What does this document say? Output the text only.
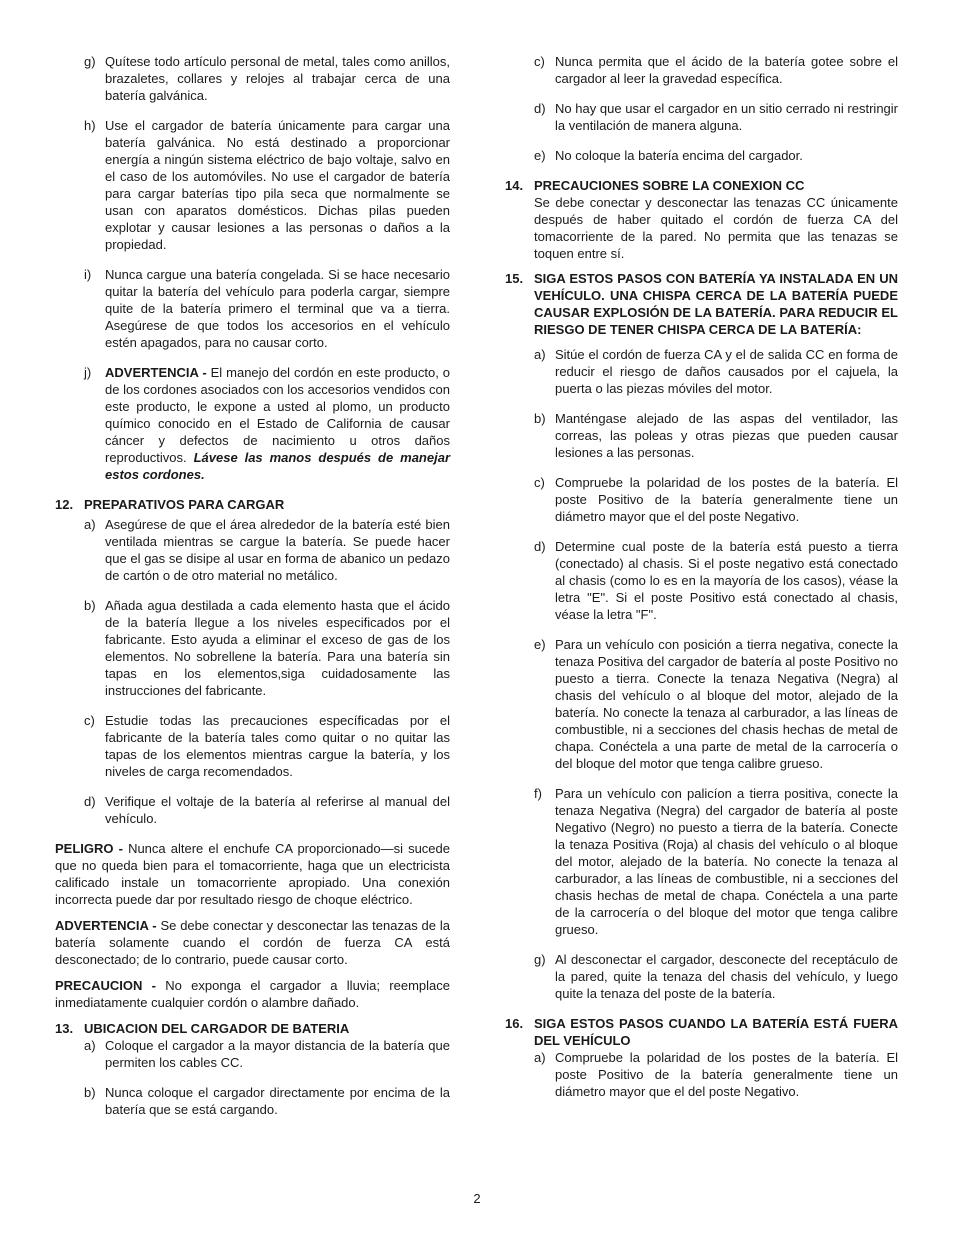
g) Quítese todo artículo personal de metal, tales como anillos, brazaletes, collares y relojes al trabajar cerca de una batería galvánica.
h) Use el cargador de batería únicamente para cargar una batería galvánica. No está destinado a proporcionar energía a ningún sistema eléctrico de bajo voltaje, salvo en el caso de los automóviles. No use el cargador de batería para cargar baterías tipo pila seca que normalmente se usan con aparatos domésticos. Dichas pilas pueden explotar y causar lesiones a las personas o daños a la propiedad.
i) Nunca cargue una batería congelada. Si se hace necesario quitar la batería del vehículo para poderla cargar, siempre quite de la batería primero el terminal que va a tierra. Asegúrese de que todos los accesorios en el vehículo estén apagados, para no causar corto.
j) ADVERTENCIA - El manejo del cordón en este producto, o de los cordones asociados con los accesorios vendidos con este producto, le expone a usted al plomo, un producto químico conocido en el Estado de California de causar cáncer y defectos de nacimiento u otros daños reproductivos. Lávese las manos después de manejar estos cordones.
12. PREPARATIVOS PARA CARGAR
a) Asegúrese de que el área alrededor de la batería esté bien ventilada mientras se cargue la batería. Se puede hacer que el gas se disipe al usar en forma de abanico un pedazo de cartón o de otro material no metálico.
b) Añada agua destilada a cada elemento hasta que el ácido de la batería llegue a los niveles especificados por el fabricante. Esto ayuda a eliminar el exceso de gas de los elementos. No sobrellene la batería. Para una batería sin tapas en los elementos,siga cuidadosamente las instrucciones del fabricante.
c) Estudie todas las precauciones específicadas por el fabricante de la batería tales como quitar o no quitar las tapas de los elementos mientras cargue la batería, y los niveles de carga recomendados.
d) Verifique el voltaje de la batería al referirse al manual del vehículo.
PELIGRO - Nunca altere el enchufe CA proporcionado—si sucede que no queda bien para el tomacorriente, haga que un electricista calificado instale un tomacorriente apropiado. Una conexión incorrecta puede dar por resultado riesgo de choque eléctrico.
ADVERTENCIA - Se debe conectar y desconectar las tenazas de la batería solamente cuando el cordón de fuerza CA está desconectado; de lo contrario, puede causar corto.
PRECAUCION - No exponga el cargador a lluvia; reemplace inmediatamente cualquier cordón o alambre dañado.
13. UBICACION DEL CARGADOR DE BATERIA
a) Coloque el cargador a la mayor distancia de la batería que permiten los cables CC.
b) Nunca coloque el cargador directamente por encima de la batería que se está cargando.
c) Nunca permita que el ácido de la batería gotee sobre el cargador al leer la gravedad específica.
d) No hay que usar el cargador en un sitio cerrado ni restringir la ventilación de manera alguna.
e) No coloque la batería encima del cargador.
14. PRECAUCIONES SOBRE LA CONEXION CC
Se debe conectar y desconectar las tenazas CC únicamente después de haber quitado el cordón de fuerza CA del tomacorriente de la pared. No permita que las tenazas se toquen entre sí.
15. SIGA ESTOS PASOS CON BATERÍA YA INSTALADA EN UN VEHÍCULO. UNA CHISPA CERCA DE LA BATERÍA PUEDE CAUSAR EXPLOSIÓN DE LA BATERÍA. PARA REDUCIR EL RIESGO DE TENER CHISPA CERCA DE LA BATERÍA:
a) Sitúe el cordón de fuerza CA y el de salida CC en forma de reducir el riesgo de daños causados por el cajuela, la puerta o las piezas móviles del motor.
b) Manténgase alejado de las aspas del ventilador, las correas, las poleas y otras piezas que pueden causar lesiones a las personas.
c) Compruebe la polaridad de los postes de la batería. El poste Positivo de la batería generalmente tiene un diámetro mayor que el del poste Negativo.
d) Determine cual poste de la batería está puesto a tierra (conectado) al chasis. Si el poste negativo está conectado al chasis (como lo es en la mayoría de los casos), véase la letra "E". Si el poste Positivo está conectado al chasis, véase la letra "F".
e) Para un vehículo con posición a tierra negativa, conecte la tenaza Positiva del cargador de batería al poste Positivo no puesto a tierra. Conecte la tenaza Negativa (Negra) al chasis del vehículo o al bloque del motor, alejado de la batería. No conecte la tenaza al carburador, a las líneas de combustible, ni a secciones del chasis hechas de metal de chapa. Conéctela a una parte de metal de la carrocería o del bloque del motor que tenga calibre grueso.
f) Para un vehículo con palicíon a tierra positiva, conecte la tenaza Negativa (Negra) del cargador de batería al poste Negativo (Negro) no puesto a tierra de la batería. Conecte la tenaza Positiva (Roja) al chasis del vehículo o al bloque del motor, alejado de la batería. No conecte la tenaza al carburador, a las líneas de combustible, ni a secciones del chasis hechas de metal de chapa. Conéctela a una parte de la carrocería o del bloque del motor que tenga calibre grueso.
g) Al desconectar el cargador, desconecte del receptáculo de la pared, quite la tenaza del chasis del vehículo, y luego quite la tenaza del poste de la batería.
16. SIGA ESTOS PASOS CUANDO LA BATERÍA ESTÁ FUERA DEL VEHÍCULO
a) Compruebe la polaridad de los postes de la batería. El poste Positivo de la batería generalmente tiene un diámetro mayor que el del poste Negativo.
2
